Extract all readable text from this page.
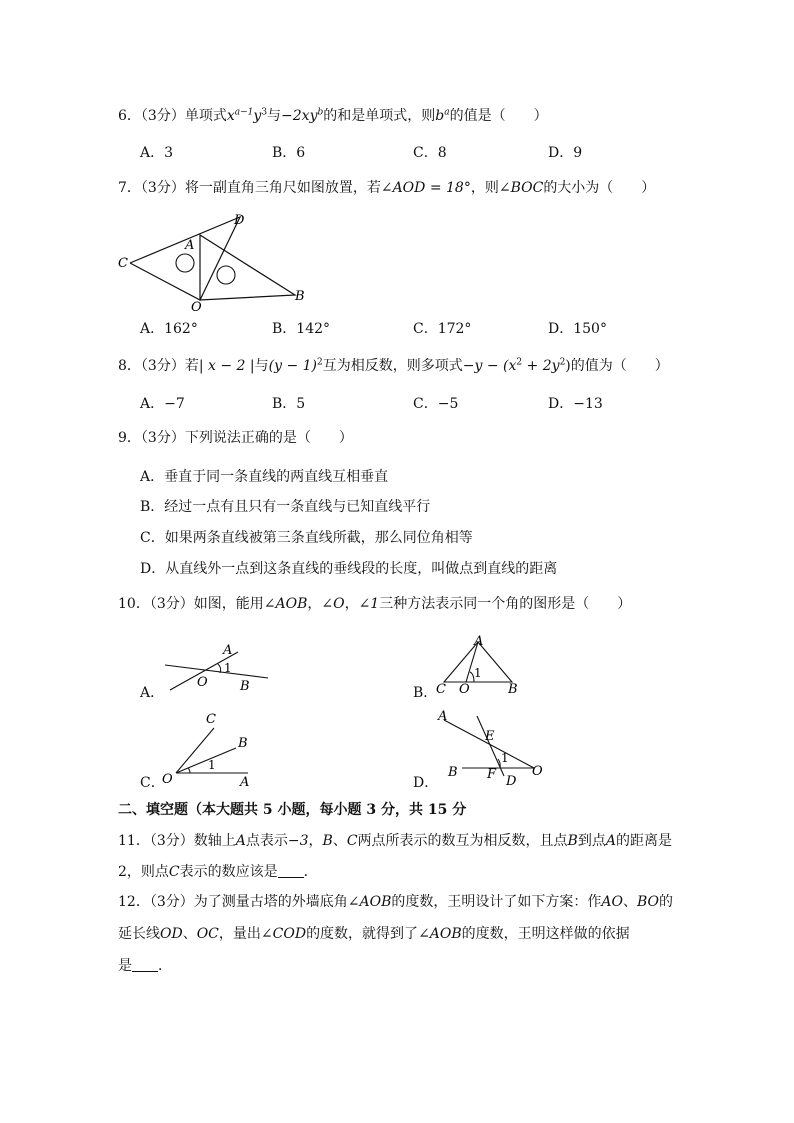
6．（3分）单项式$x^{a-1}y^3$与$-2xy^b$的和是单项式，则$b^a$的值是（　　）
A．3	B．6	C．8	D．9
7．（3分）将一副直角三角尺如图放置，若∠AOD = 18°，则∠BOC的大小为（　　）
D
A
C
O
B
A．162°	B．142°	C．172°	D．150°
8．（3分）若| x − 2 |与$(y - 1)^2$互为相反数，则多项式$-y - (x^2 + 2y^2)$的值为（　　）
A．−7	B．5	C．−5	D．−13
9．（3分）下列说法正确的是（　　）
A．垂直于同一条直线的两直线互相垂直
B．经过一点有且只有一条直线与已知直线平行
C．如果两条直线被第三条直线所截，那么同位角相等
D．从直线外一点到这条直线的垂线段的长度，叫做点到直线的距离
10．（3分）如图，能用∠AOB，∠O，∠1三种方法表示同一个角的图形是（　　）
A．
A
1
O B	B．
A
1
C O	B
C．
C
B
1
O	A	D．
A
E
1
B F D
O
二、填空题（本大题共 5 小题，每小题 3 分，共 15 分
11．（3分）数轴上A点表示−3，B、C两点所表示的数互为相反数，且点B到点A的距离是
2，则点C表示的数应该是 ．
12．（3分）为了测量古塔的外墙底角∠AOB的度数，王明设计了如下方案：作AO、BO的
延长线OD、OC，量出∠COD的度数，就得到了∠AOB的度数，王明这样做的依据
是 ．
